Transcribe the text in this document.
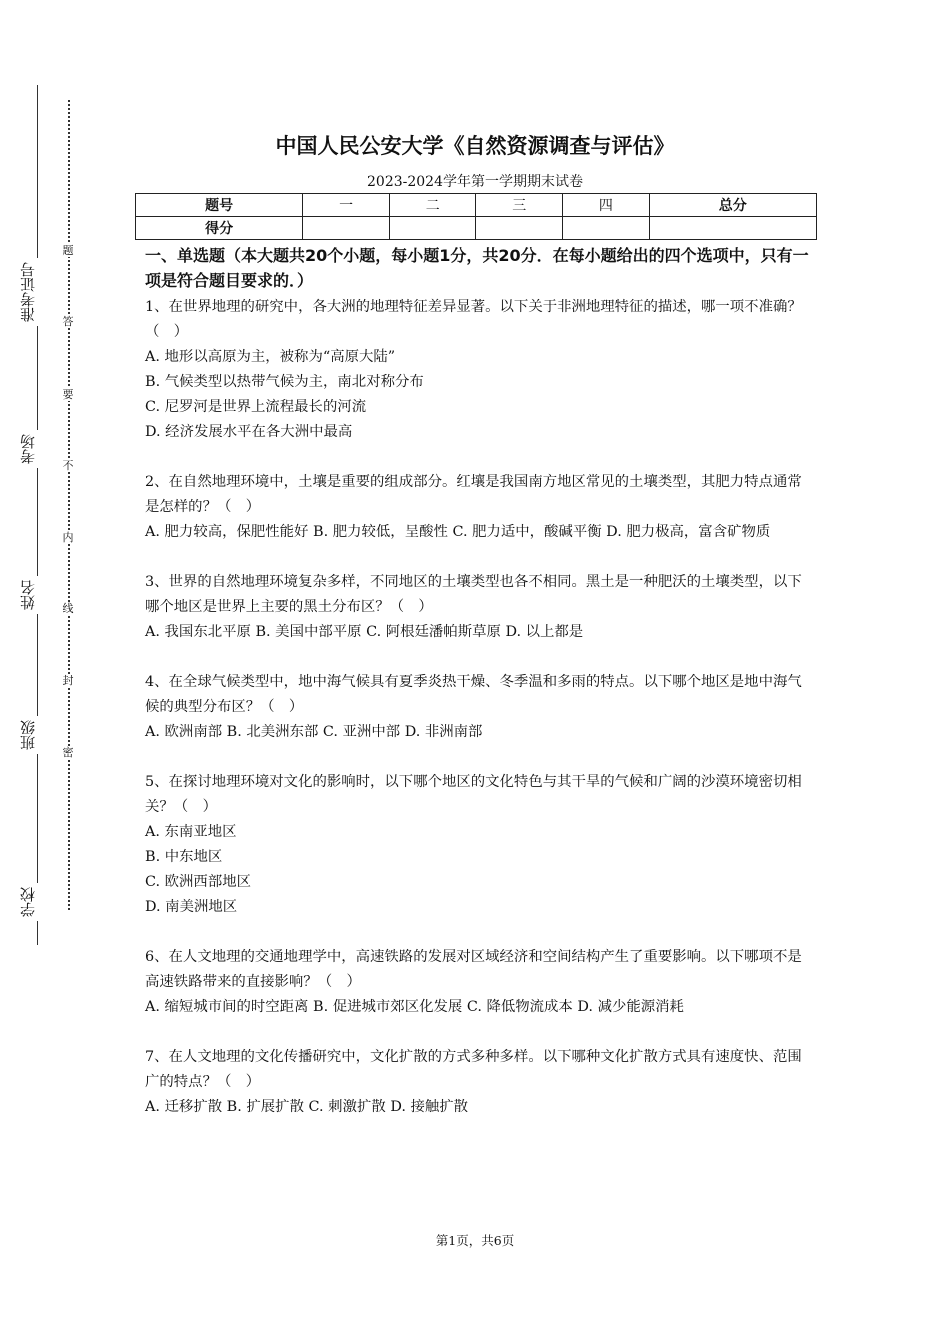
准考证号
考场
姓名
班级
学校
题
答
要
不
内
线
封
密
中国人民公安大学《自然资源调查与评估》
2023-2024学年第一学期期末试卷
题号	一	二	三	四	总分
得分					
一、单选题（本大题共20个小题，每小题1分，共20分．在每小题给出的四个选项中，只有一项是符合题目要求的．）
1、在世界地理的研究中，各大洲的地理特征差异显著。以下关于非洲地理特征的描述，哪一项不准确？（　）
A. 地形以高原为主，被称为“高原大陆”
B. 气候类型以热带气候为主，南北对称分布
C. 尼罗河是世界上流程最长的河流
D. 经济发展水平在各大洲中最高
2、在自然地理环境中，土壤是重要的组成部分。红壤是我国南方地区常见的土壤类型，其肥力特点通常是怎样的？（　）
A. 肥力较高，保肥性能好 B. 肥力较低，呈酸性 C. 肥力适中，酸碱平衡 D. 肥力极高，富含矿物质
3、世界的自然地理环境复杂多样，不同地区的土壤类型也各不相同。黑土是一种肥沃的土壤类型，以下哪个地区是世界上主要的黑土分布区？（　）
A. 我国东北平原 B. 美国中部平原 C. 阿根廷潘帕斯草原 D. 以上都是
4、在全球气候类型中，地中海气候具有夏季炎热干燥、冬季温和多雨的特点。以下哪个地区是地中海气候的典型分布区？（　）
A. 欧洲南部 B. 北美洲东部 C. 亚洲中部 D. 非洲南部
5、在探讨地理环境对文化的影响时，以下哪个地区的文化特色与其干旱的气候和广阔的沙漠环境密切相关？（　）
A. 东南亚地区
B. 中东地区
C. 欧洲西部地区
D. 南美洲地区
6、在人文地理的交通地理学中，高速铁路的发展对区域经济和空间结构产生了重要影响。以下哪项不是高速铁路带来的直接影响？（　）
A. 缩短城市间的时空距离 B. 促进城市郊区化发展 C. 降低物流成本 D. 减少能源消耗
7、在人文地理的文化传播研究中，文化扩散的方式多种多样。以下哪种文化扩散方式具有速度快、范围广的特点？（　）
A. 迁移扩散 B. 扩展扩散 C. 刺激扩散 D. 接触扩散
第1页，共6页
